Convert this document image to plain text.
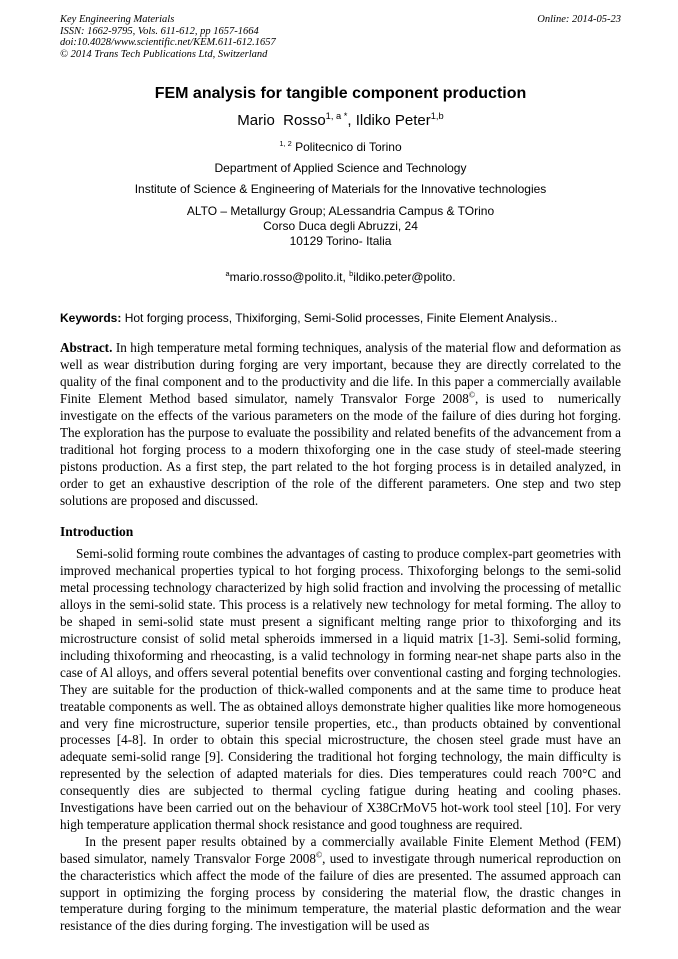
Key Engineering Materials
ISSN: 1662-9795, Vols. 611-612, pp 1657-1664
doi:10.4028/www.scientific.net/KEM.611-612.1657
© 2014 Trans Tech Publications Ltd, Switzerland
Online: 2014-05-23
FEM analysis for tangible component production
Mario  Rosso$^{1, a *}$, Ildiko Peter$^{1,b}$
$^{1, 2}$ Politecnico di Torino
Department of Applied Science and Technology
Institute of Science & Engineering of Materials for the Innovative technologies
ALTO – Metallurgy Group; ALessandria Campus & TOrino
Corso Duca degli Abruzzi, 24
10129 Torino- Italia
$^a$mario.rosso@polito.it, $^b$ildiko.peter@polito.
Keywords: Hot forging process, Thixiforging, Semi-Solid processes, Finite Element Analysis..

Abstract. In high temperature metal forming techniques, analysis of the material flow and deformation as well as wear distribution during forging are very important, because they are directly correlated to the  quality of the final component and to the productivity and die life. In this paper a commercially available Finite Element Method based simulator, namely Transvalor Forge 2008©, is used to  numerically investigate on the effects of the various parameters on the mode of the failure of dies during hot forging. The exploration has the purpose to evaluate the possibility and related benefits of the advancement from a traditional hot forging process to a modern thixoforging one in the case study of steel-made steering pistons production. As a first step, the part related to the hot forging process is in detailed analyzed, in order to get an exhaustive description of the role of the different parameters. One step and two step solutions are proposed and discussed.

Introduction

Semi-solid forming route combines the advantages of casting to produce complex-part geometries with improved mechanical properties typical to hot forging process. Thixoforging belongs to the semi-solid metal processing technology characterized by high solid fraction and involving the processing of metallic alloys in the semi-solid state. This process is a relatively new technology for metal forming. The alloy to be shaped in semi-solid state must present a significant melting range prior to thixoforging and its microstructure consist of solid metal spheroids immersed in a liquid matrix [1-3]. Semi-solid forming, including thixoforming and rheocasting, is a valid technology in forming near-net shape parts also in the case of Al alloys, and offers several potential benefits over conventional casting and forging technologies. They are suitable for the production of thick-walled components and at the same time to produce heat treatable components as well. The as obtained alloys demonstrate higher qualities like more homogeneous and very fine microstructure, superior tensile properties, etc., than products obtained by conventional processes [4-8]. In order to obtain this special microstructure, the chosen steel grade must have an adequate semi-solid range [9]. Considering the traditional hot forging technology, the main difficulty is represented by the selection of adapted materials for dies. Dies temperatures could reach 700°C and consequently dies are subjected to thermal cycling fatigue during heating and cooling phases. Investigations have been carried out on the behaviour of X38CrMoV5 hot-work tool steel [10]. For very high temperature application thermal shock resistance and good toughness are required.

In the present paper results obtained by a commercially available Finite Element Method (FEM) based simulator, namely Transvalor Forge 2008©, used to investigate through numerical reproduction on the characteristics which affect the mode of the failure of dies are presented. The assumed approach can support in optimizing the forging process by considering the material flow, the drastic changes in temperature during forging to the minimum temperature, the material plastic deformation and the wear resistance of the dies during forging. The investigation will be used as
